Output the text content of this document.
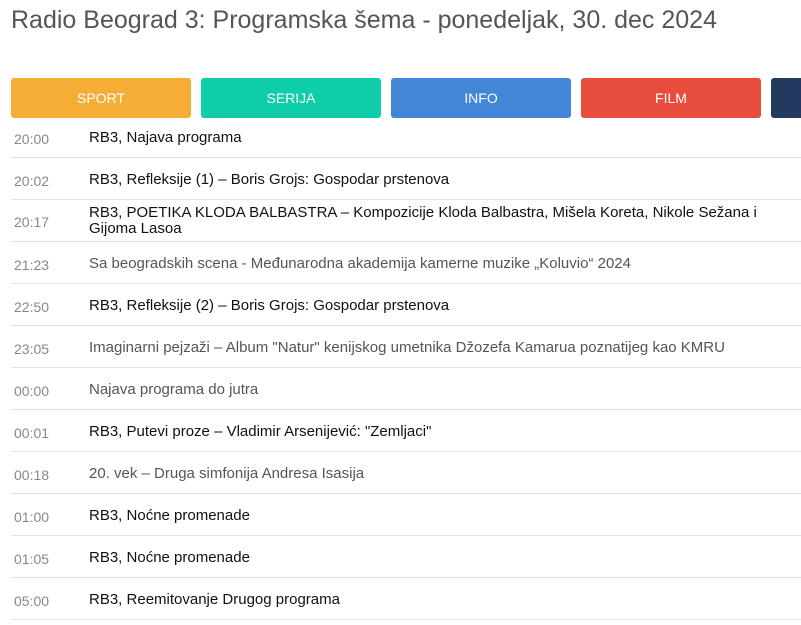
Radio Beograd 3: Programska šema - ponedeljak, 30. dec 2024
SPORT	SERIJA	INFO	FILM
20:00	RB3, Najava programa
20:02	RB3, Refleksije (1) – Boris Grojs: Gospodar prstenova
20:17
RB3, POETIKA KLODA BALBASTRA – Kompozicije Kloda Balbastra, Mišela Koreta, Nikole Sežana i Gijoma Lasoa
21:23	Sa beogradskih scena - Međunarodna akademija kamerne muzike „Koluvio“ 2024
22:50	RB3, Refleksije (2) – Boris Grojs: Gospodar prstenova
23:05	Imaginarni pejzaži – Album "Natur" kenijskog umetnika Džozefa Kamarua poznatijeg kao KMRU
00:00	Najava programa do jutra
00:01	RB3, Putevi proze – Vladimir Arsenijević: "Zemljaci"
00:18	20. vek – Druga simfonija Andresa Isasija
01:00	RB3, Noćne promenade
01:05	RB3, Noćne promenade
05:00	RB3, Reemitovanje Drugog programa
